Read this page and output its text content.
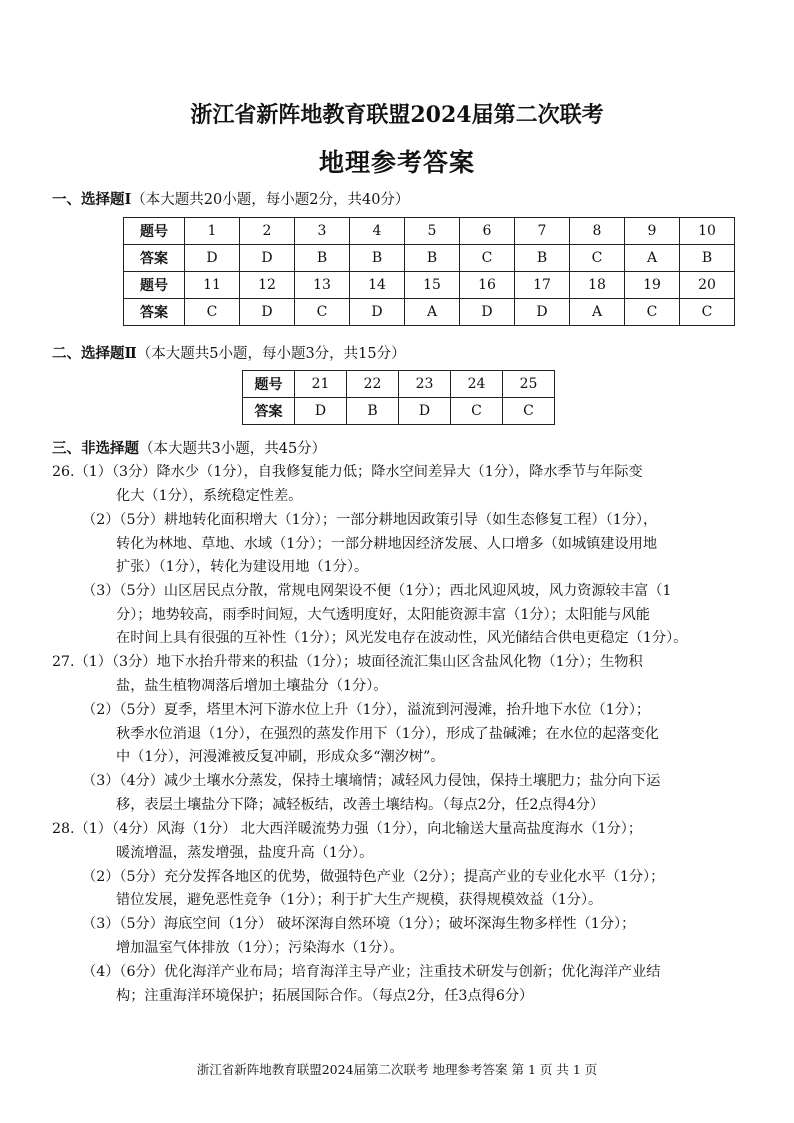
浙江省新阵地教育联盟2024届第二次联考
地理参考答案
一、选择题Ⅰ（本大题共20小题，每小题2分，共40分）
题号	1	2	3	4	5	6	7	8	9	10
答案	D	D	B	B	B	C	B	C	A	B
题号	11	12	13	14	15	16	17	18	19	20
答案	C	D	C	D	A	D	D	A	C	C
二、选择题Ⅱ（本大题共5小题，每小题3分，共15分）
题号	21	22	23	24	25
答案	D	B	D	C	C
三、非选择题（本大题共3小题，共45分）
26.（1）（3分）降水少（1分），自我修复能力低；降水空间差异大（1分），降水季节与年际变
化大（1分），系统稳定性差。
（2）（5分）耕地转化面积增大（1分）；一部分耕地因政策引导（如生态修复工程）（1分），
转化为林地、草地、水域（1分）；一部分耕地因经济发展、人口增多（如城镇建设用地
扩张）（1分），转化为建设用地（1分）。
（3）（5分）山区居民点分散，常规电网架设不便（1分）；西北风迎风坡，风力资源较丰富（1
分）；地势较高，雨季时间短，大气透明度好，太阳能资源丰富（1分）；太阳能与风能
在时间上具有很强的互补性（1分）；风光发电存在波动性，风光储结合供电更稳定（1分）。
27.（1）（3分）地下水抬升带来的积盐（1分）；坡面径流汇集山区含盐风化物（1分）；生物积
盐，盐生植物凋落后增加土壤盐分（1分）。
（2）（5分）夏季，塔里木河下游水位上升（1分），溢流到河漫滩，抬升地下水位（1分）；
秋季水位消退（1分），在强烈的蒸发作用下（1分），形成了盐碱滩；在水位的起落变化
中（1分），河漫滩被反复冲刷，形成众多“潮汐树”。
（3）（4分）减少土壤水分蒸发，保持土壤墒情；减轻风力侵蚀，保持土壤肥力；盐分向下运
移，表层土壤盐分下降；减轻板结，改善土壤结构。（每点2分，任2点得4分）
28.（1）（4分）风海（1分） 北大西洋暖流势力强（1分），向北输送大量高盐度海水（1分）；
暖流增温，蒸发增强，盐度升高（1分）。
（2）（5分）充分发挥各地区的优势，做强特色产业（2分）；提高产业的专业化水平（1分）；
错位发展，避免恶性竞争（1分）；利于扩大生产规模，获得规模效益（1分）。
（3）（5分）海底空间（1分） 破坏深海自然环境（1分）；破坏深海生物多样性（1分）；
增加温室气体排放（1分）；污染海水（1分）。
（4）（6分）优化海洋产业布局；培育海洋主导产业；注重技术研发与创新；优化海洋产业结
构；注重海洋环境保护；拓展国际合作。（每点2分，任3点得6分）
浙江省新阵地教育联盟2024届第二次联考 地理参考答案 第 1 页 共 1 页
